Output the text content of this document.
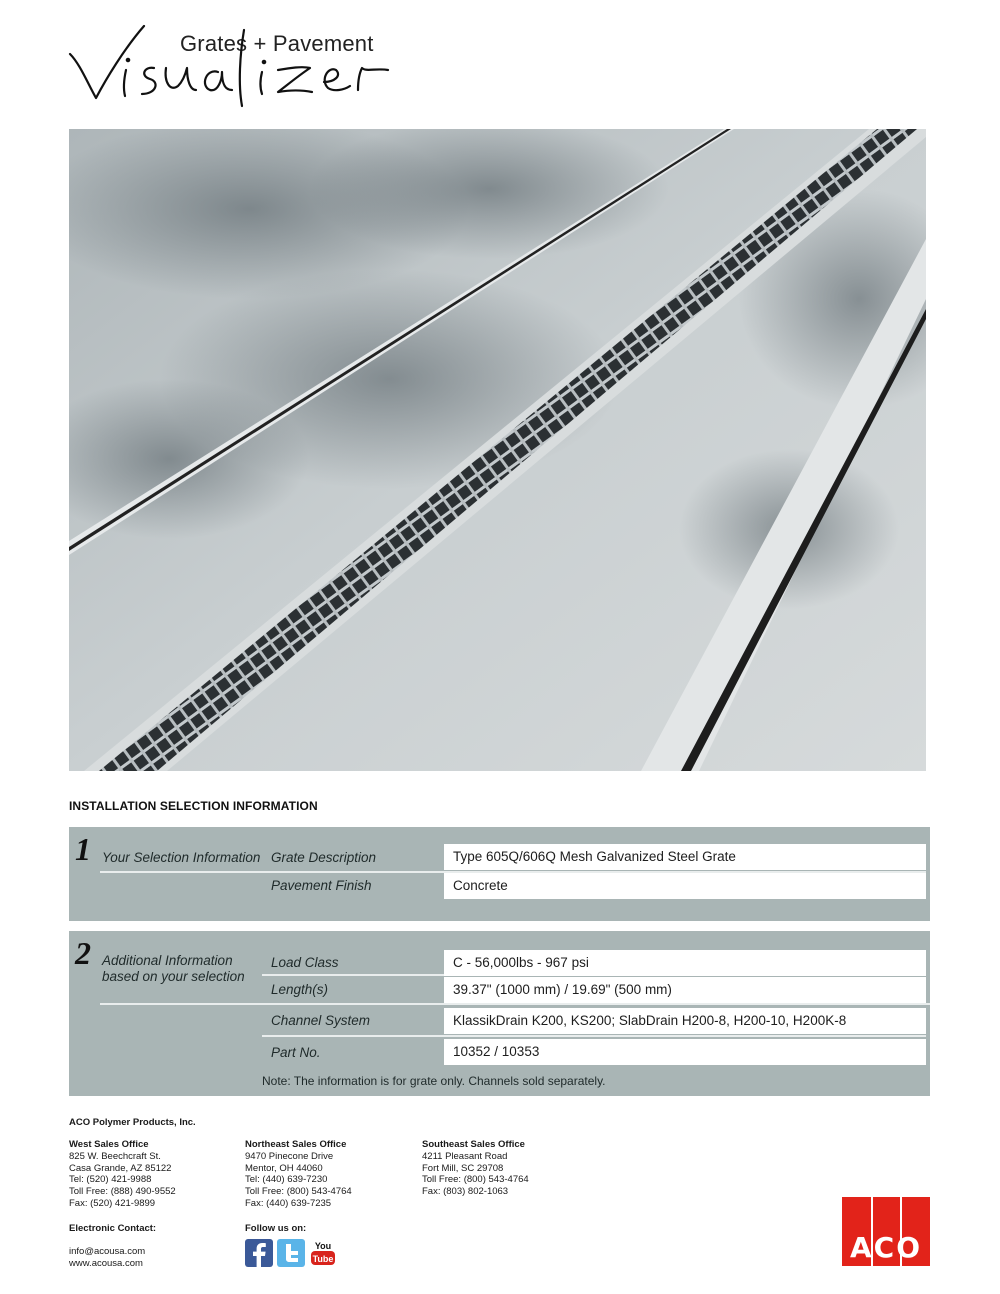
Grates + Pavement
INSTALLATION SELECTION INFORMATION
1 Your Selection Information Grate Description	Type 605Q/606Q Mesh Galvanized Steel Grate
Pavement Finish	Concrete
2 Additional Information
based on your selection
Load Class	C - 56,000lbs - 967 psi
Length(s)	39.37" (1000 mm) / 19.69" (500 mm)
Channel System	KlassikDrain K200, KS200; SlabDrain H200-8, H200-10, H200K-8
Part No.	10352 / 10353
Note: The information is for grate only. Channels sold separately.
ACO Polymer Products, Inc.
West Sales Office
825 W. Beechcraft St.
Casa Grande, AZ 85122
Tel: (520) 421-9988
Toll Free: (888) 490-9552
Fax: (520) 421-9899
Northeast Sales Office
9470 Pinecone Drive
Mentor, OH 44060
Tel: (440) 639-7230
Toll Free: (800) 543-4764
Fax: (440) 639-7235
Southeast Sales Office
4211 Pleasant Road
Fort Mill, SC 29708
Toll Free: (800) 543-4764
Fax: (803) 802-1063
Electronic Contact:	Follow us on:
info@acousa.com
www.acousa.com
You
Tube	ACO
